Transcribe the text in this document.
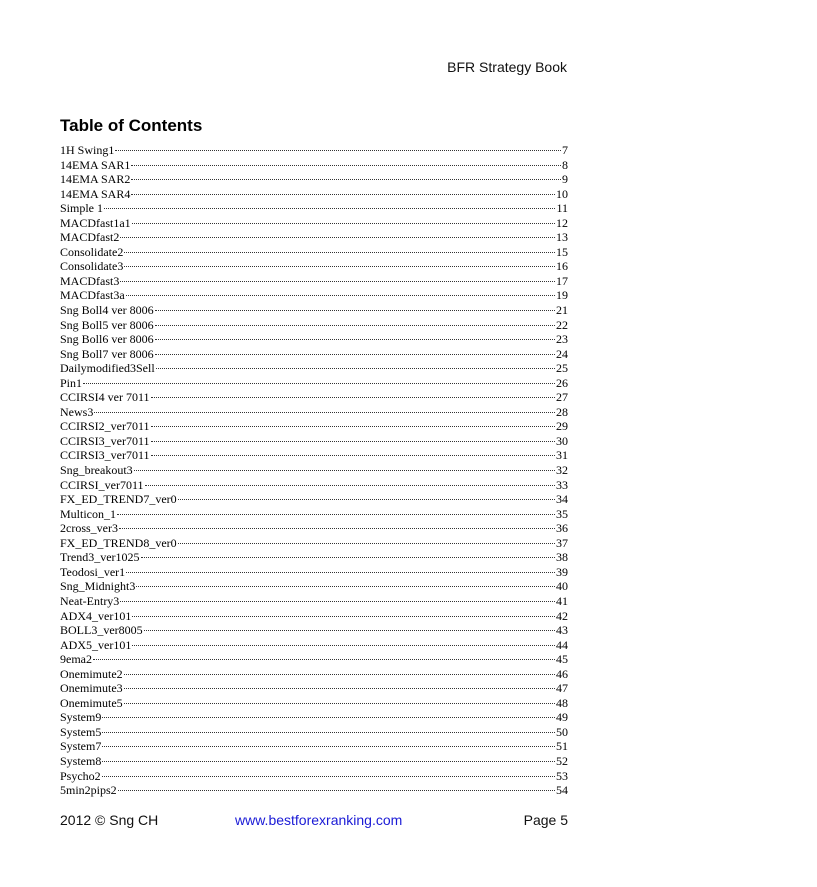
BFR Strategy Book
Table of Contents
1H Swing1	7
14EMA SAR1	8
14EMA SAR2	9
14EMA SAR4	10
Simple 1	11
MACDfast1a1	12
MACDfast2	13
Consolidate2	15
Consolidate3	16
MACDfast3	17
MACDfast3a	19
Sng Boll4 ver 8006	21
Sng Boll5 ver 8006	22
Sng Boll6 ver 8006	23
Sng Boll7 ver 8006	24
Dailymodified3Sell	25
Pin1	26
CCIRSI4 ver 7011	27
News3	28
CCIRSI2_ver7011	29
CCIRSI3_ver7011	30
CCIRSI3_ver7011	31
Sng_breakout3	32
CCIRSI_ver7011	33
FX_ED_TREND7_ver0	34
Multicon_1	35
2cross_ver3	36
FX_ED_TREND8_ver0	37
Trend3_ver1025	38
Teodosi_ver1	39
Sng_Midnight3	40
Neat-Entry3	41
ADX4_ver101	42
BOLL3_ver8005	43
ADX5_ver101	44
9ema2	45
Onemimute2	46
Onemimute3	47
Onemimute5	48
System9	49
System5	50
System7	51
System8	52
Psycho2	53
5min2pips2	54
2012 © Sng CH	www.bestforexranking.com	Page 5
